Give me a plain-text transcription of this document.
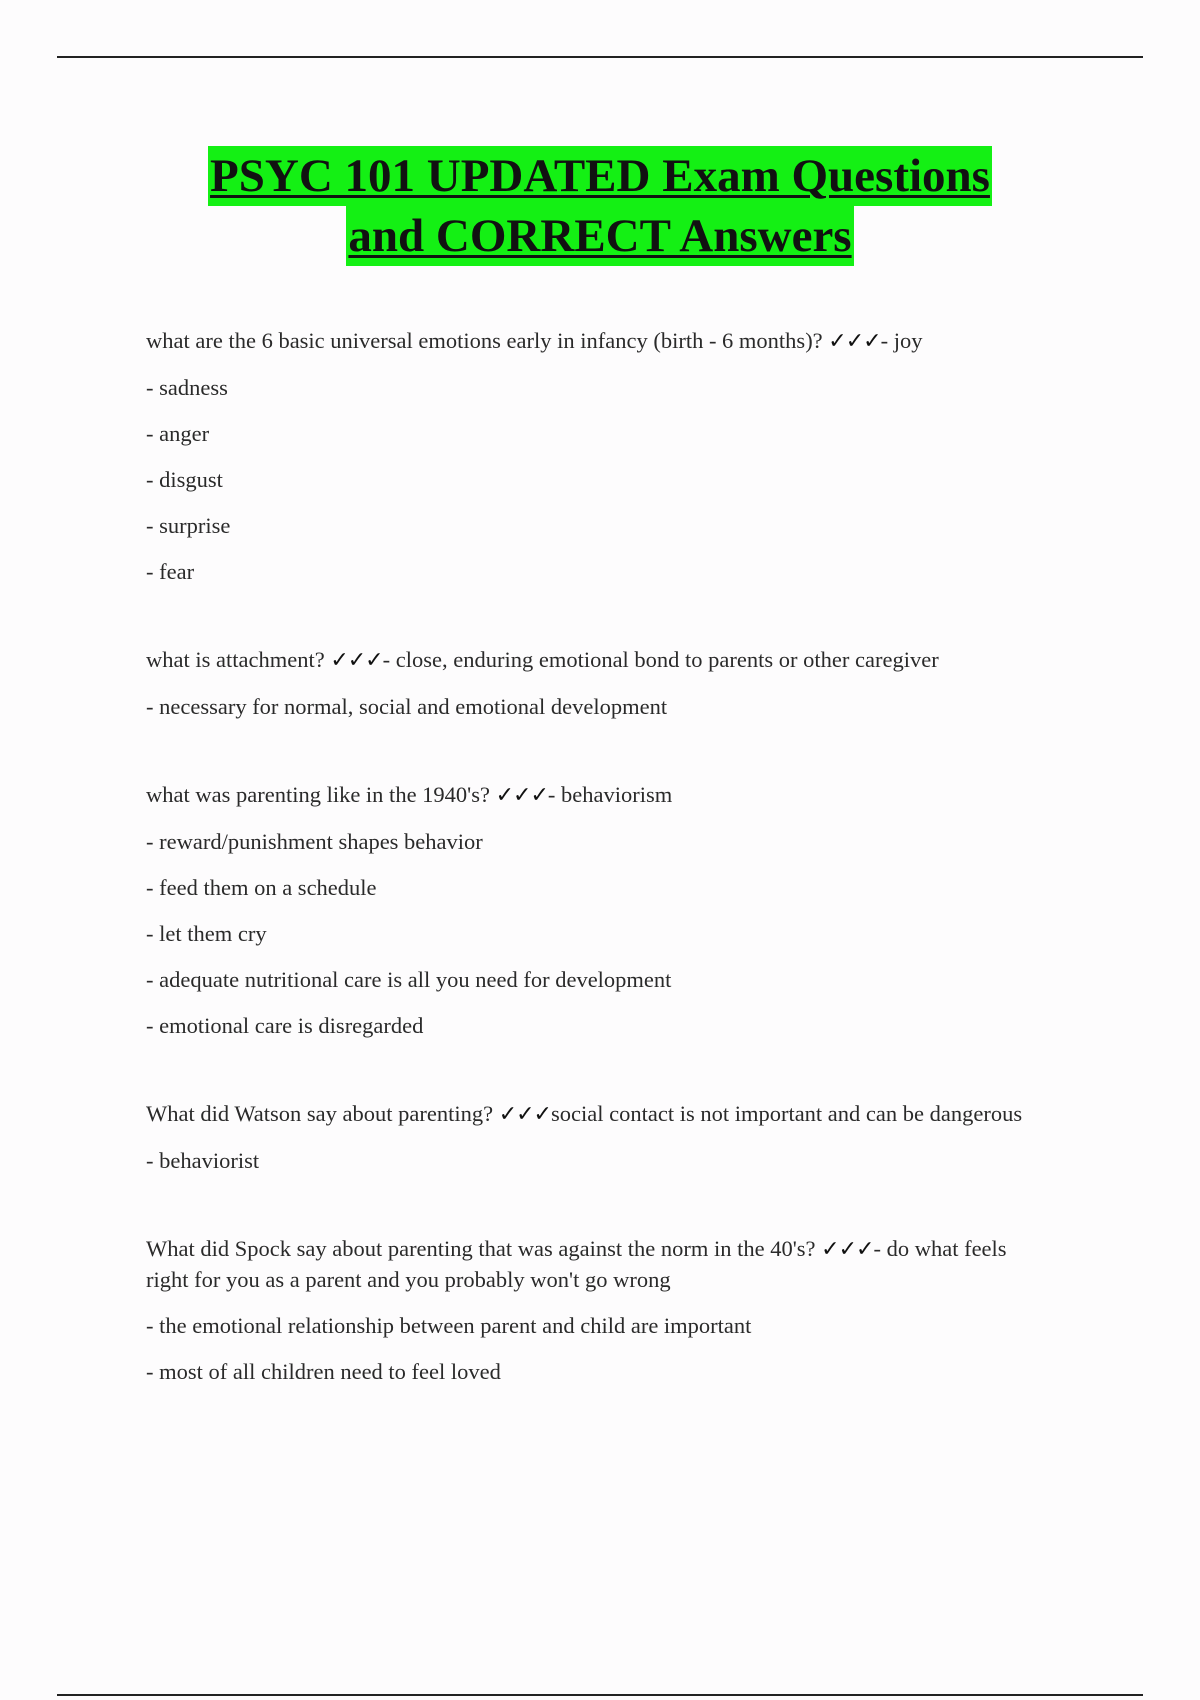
PSYC 101 UPDATED Exam Questions
and CORRECT Answers
what are the 6 basic universal emotions early in infancy (birth - 6 months)? ✓✓✓- joy
- sadness
- anger
- disgust
- surprise
- fear
what is attachment? ✓✓✓- close, enduring emotional bond to parents or other caregiver
- necessary for normal, social and emotional development
what was parenting like in the 1940's? ✓✓✓- behaviorism
- reward/punishment shapes behavior
- feed them on a schedule
- let them cry
- adequate nutritional care is all you need for development
- emotional care is disregarded
What did Watson say about parenting? ✓✓✓social contact is not important and can be dangerous
- behaviorist
What did Spock say about parenting that was against the norm in the 40's? ✓✓✓- do what feels right for you as a parent and you probably won't go wrong
- the emotional relationship between parent and child are important
- most of all children need to feel loved
